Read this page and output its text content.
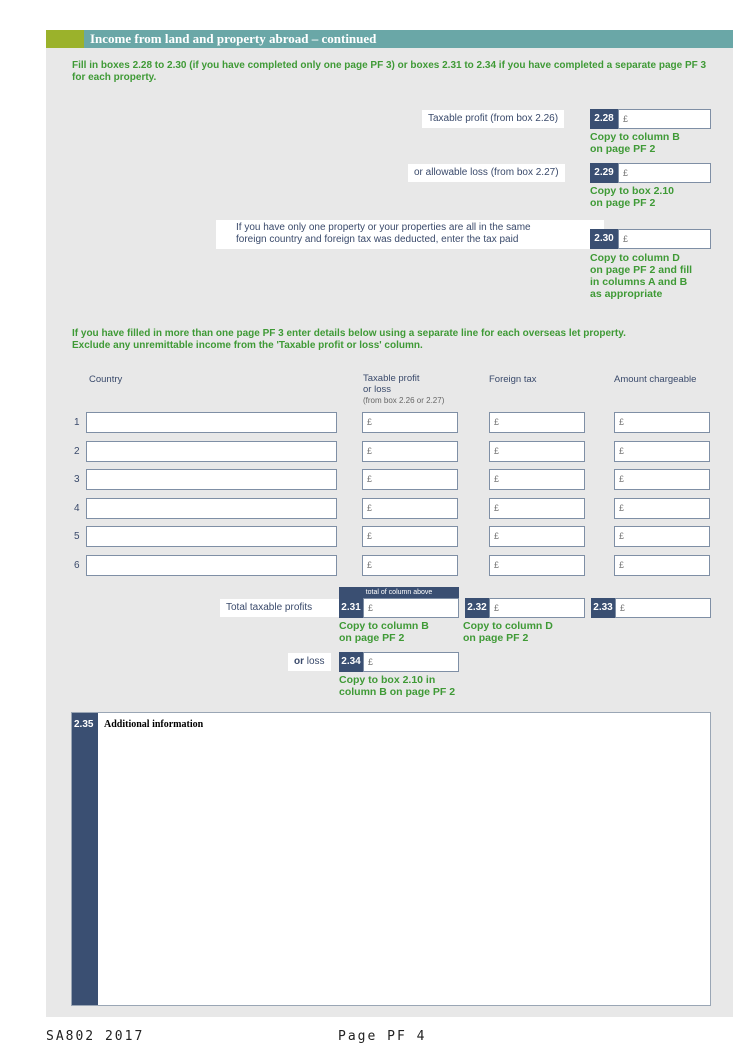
Income from land and property abroad – continued
Fill in boxes 2.28 to 2.30 (if you have completed only one page PF 3) or boxes 2.31 to 2.34 if you have completed a separate page PF 3 for each property.
Taxable profit (from box 2.26)	2.28	£
Copy to column B
on page PF 2
or allowable loss (from box 2.27)	2.29	£
Copy to box 2.10
on page PF 2
If you have only one property or your properties are all in the same
foreign country and foreign tax was deducted, enter the tax paid	2.30	£
Copy to column D
on page PF 2 and fill
in columns A and B
as appropriate
If you have filled in more than one page PF 3 enter details below using a separate line for each overseas let property.
Exclude any unremittable income from the 'Taxable profit or loss' column.
Country	Taxable profit
or loss
(from box 2.26 or 2.27)
Foreign tax	Amount chargeable
1	£	£	£
2	£	£	£
3	£	£	£
4	£	£	£
5	£	£	£
6	£	£	£
total of column above
Total taxable profits	2.31 £
Copy to column B
on page PF 2
2.32 £
Copy to column D
on page PF 2
2.33 £
or loss	2.34 £
Copy to box 2.10 in
column B on page PF 2
2.35 Additional information
SA802 2017	Page PF 4
